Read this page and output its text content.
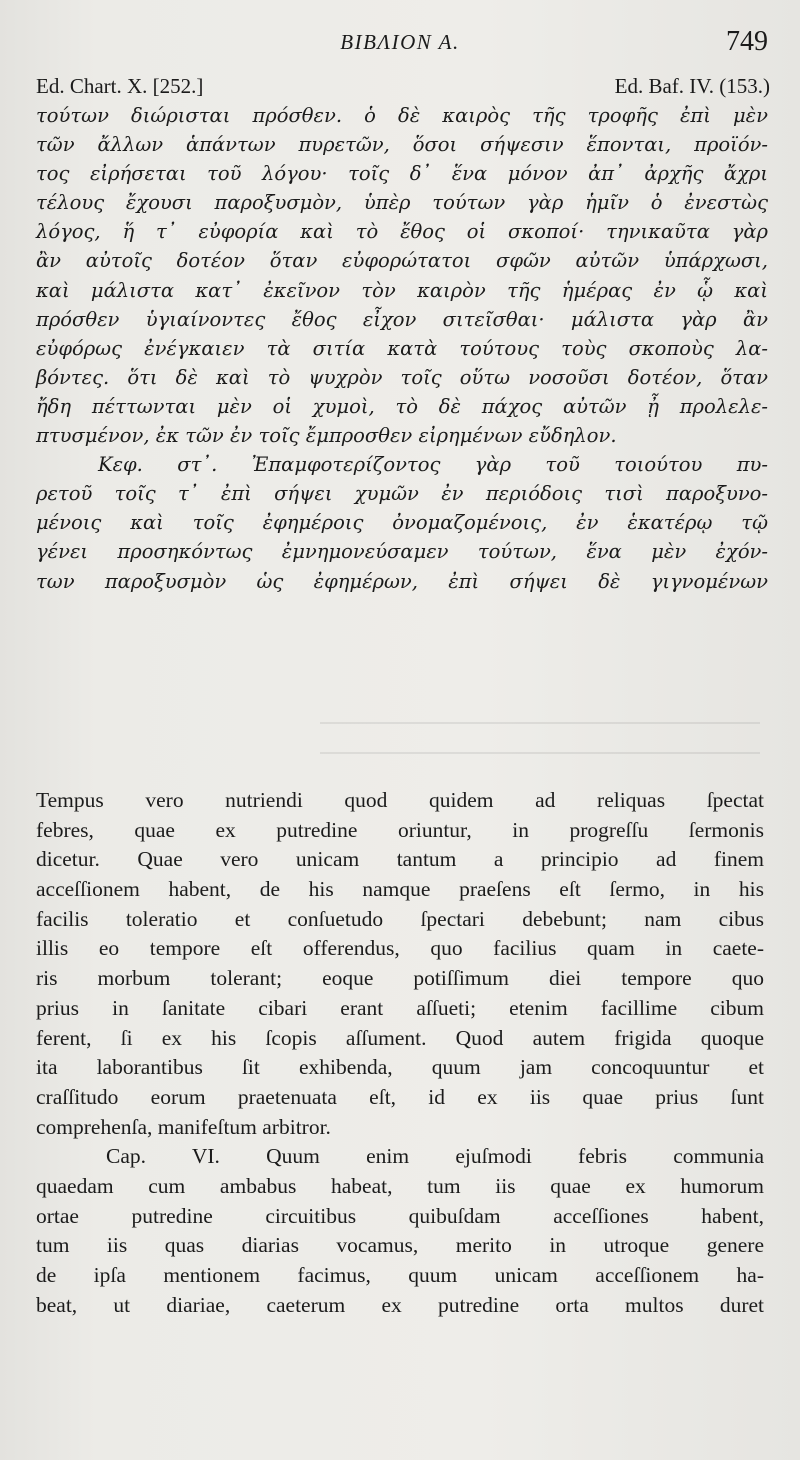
BIBΛΙΟΝ Α.	749
Ed. Chart. X. [252.]	Ed. Baf. IV. (153.)
τούτων διώρισται πρόσθεν. ὁ δὲ καιρὸς τῆς τροφῆς ἐπὶ μὲν
τῶν ἄλλων ἁπάντων πυρετῶν, ὅσοι σήψεσιν ἕπονται, προϊόν-
τος εἰρήσεται τοῦ λόγου· τοῖς δ᾽ ἕνα μόνον ἀπ᾽ ἀρχῆς ἄχρι
τέλους ἔχουσι παροξυσμὸν, ὑπὲρ τούτων γὰρ ἡμῖν ὁ ἐνεστὼς
λόγος, ἥ τ᾽ εὐφορία καὶ τὸ ἔθος οἱ σκοποί· τηνικαῦτα γὰρ
ἂν αὐτοῖς δοτέον ὅταν εὐφορώτατοι σφῶν αὐτῶν ὑπάρχωσι,
καὶ μάλιστα κατ᾽ ἐκεῖνον τὸν καιρὸν τῆς ἡμέρας ἐν ᾧ καὶ
πρόσθεν ὑγιαίνοντες ἔθος εἶχον σιτεῖσθαι· μάλιστα γὰρ ἂν
εὐφόρως ἐνέγκαιεν τὰ σιτία κατὰ τούτους τοὺς σκοποὺς λα-
βόντες. ὅτι δὲ καὶ τὸ ψυχρὸν τοῖς οὕτω νοσοῦσι δοτέον, ὅταν
ἤδη πέττωνται μὲν οἱ χυμοὶ, τὸ δὲ πάχος αὐτῶν ᾖ προλελε-
πτυσμένον, ἐκ τῶν ἐν τοῖς ἔμπροσθεν εἰρημένων εὔδηλον.
Κεφ. στ᾽. Ἐπαμφοτερίζοντος γὰρ τοῦ τοιούτου πυ-
ρετοῦ τοῖς τ᾽ ἐπὶ σήψει χυμῶν ἐν περιόδοις τισὶ παροξυνο-
μένοις καὶ τοῖς ἐφημέροις ὀνομαζομένοις, ἐν ἑκατέρῳ τῷ
γένει προσηκόντως ἐμνημονεύσαμεν τούτων, ἕνα μὲν ἐχόν-
των παροξυσμὸν ὡς ἐφημέρων, ἐπὶ σήψει δὲ γιγνομένων
Tempus vero nutriendi quod quidem ad reliquas ſpectat
febres, quae ex putredine oriuntur, in progreſſu ſermonis
dicetur. Quae vero unicam tantum a principio ad finem
acceſſionem habent, de his namque praeſens eſt ſermo, in his
facilis toleratio et conſuetudo ſpectari debebunt; nam cibus
illis eo tempore eſt offerendus, quo facilius quam in caete-
ris morbum tolerant; eoque potiſſimum diei tempore quo
prius in ſanitate cibari erant aſſueti; etenim facillime cibum
ferent, ſi ex his ſcopis aſſument. Quod autem frigida quoque
ita laborantibus ſit exhibenda, quum jam concoquuntur et
craſſitudo eorum praetenuata eſt, id ex iis quae prius ſunt
comprehenſa, manifeſtum arbitror.
Cap. VI. Quum enim ejuſmodi febris communia
quaedam cum ambabus habeat, tum iis quae ex humorum
ortae putredine circuitibus quibuſdam acceſſiones habent,
tum iis quas diarias vocamus, merito in utroque genere
de ipſa mentionem facimus, quum unicam acceſſionem ha-
beat, ut diariae, caeterum ex putredine orta multos duret
